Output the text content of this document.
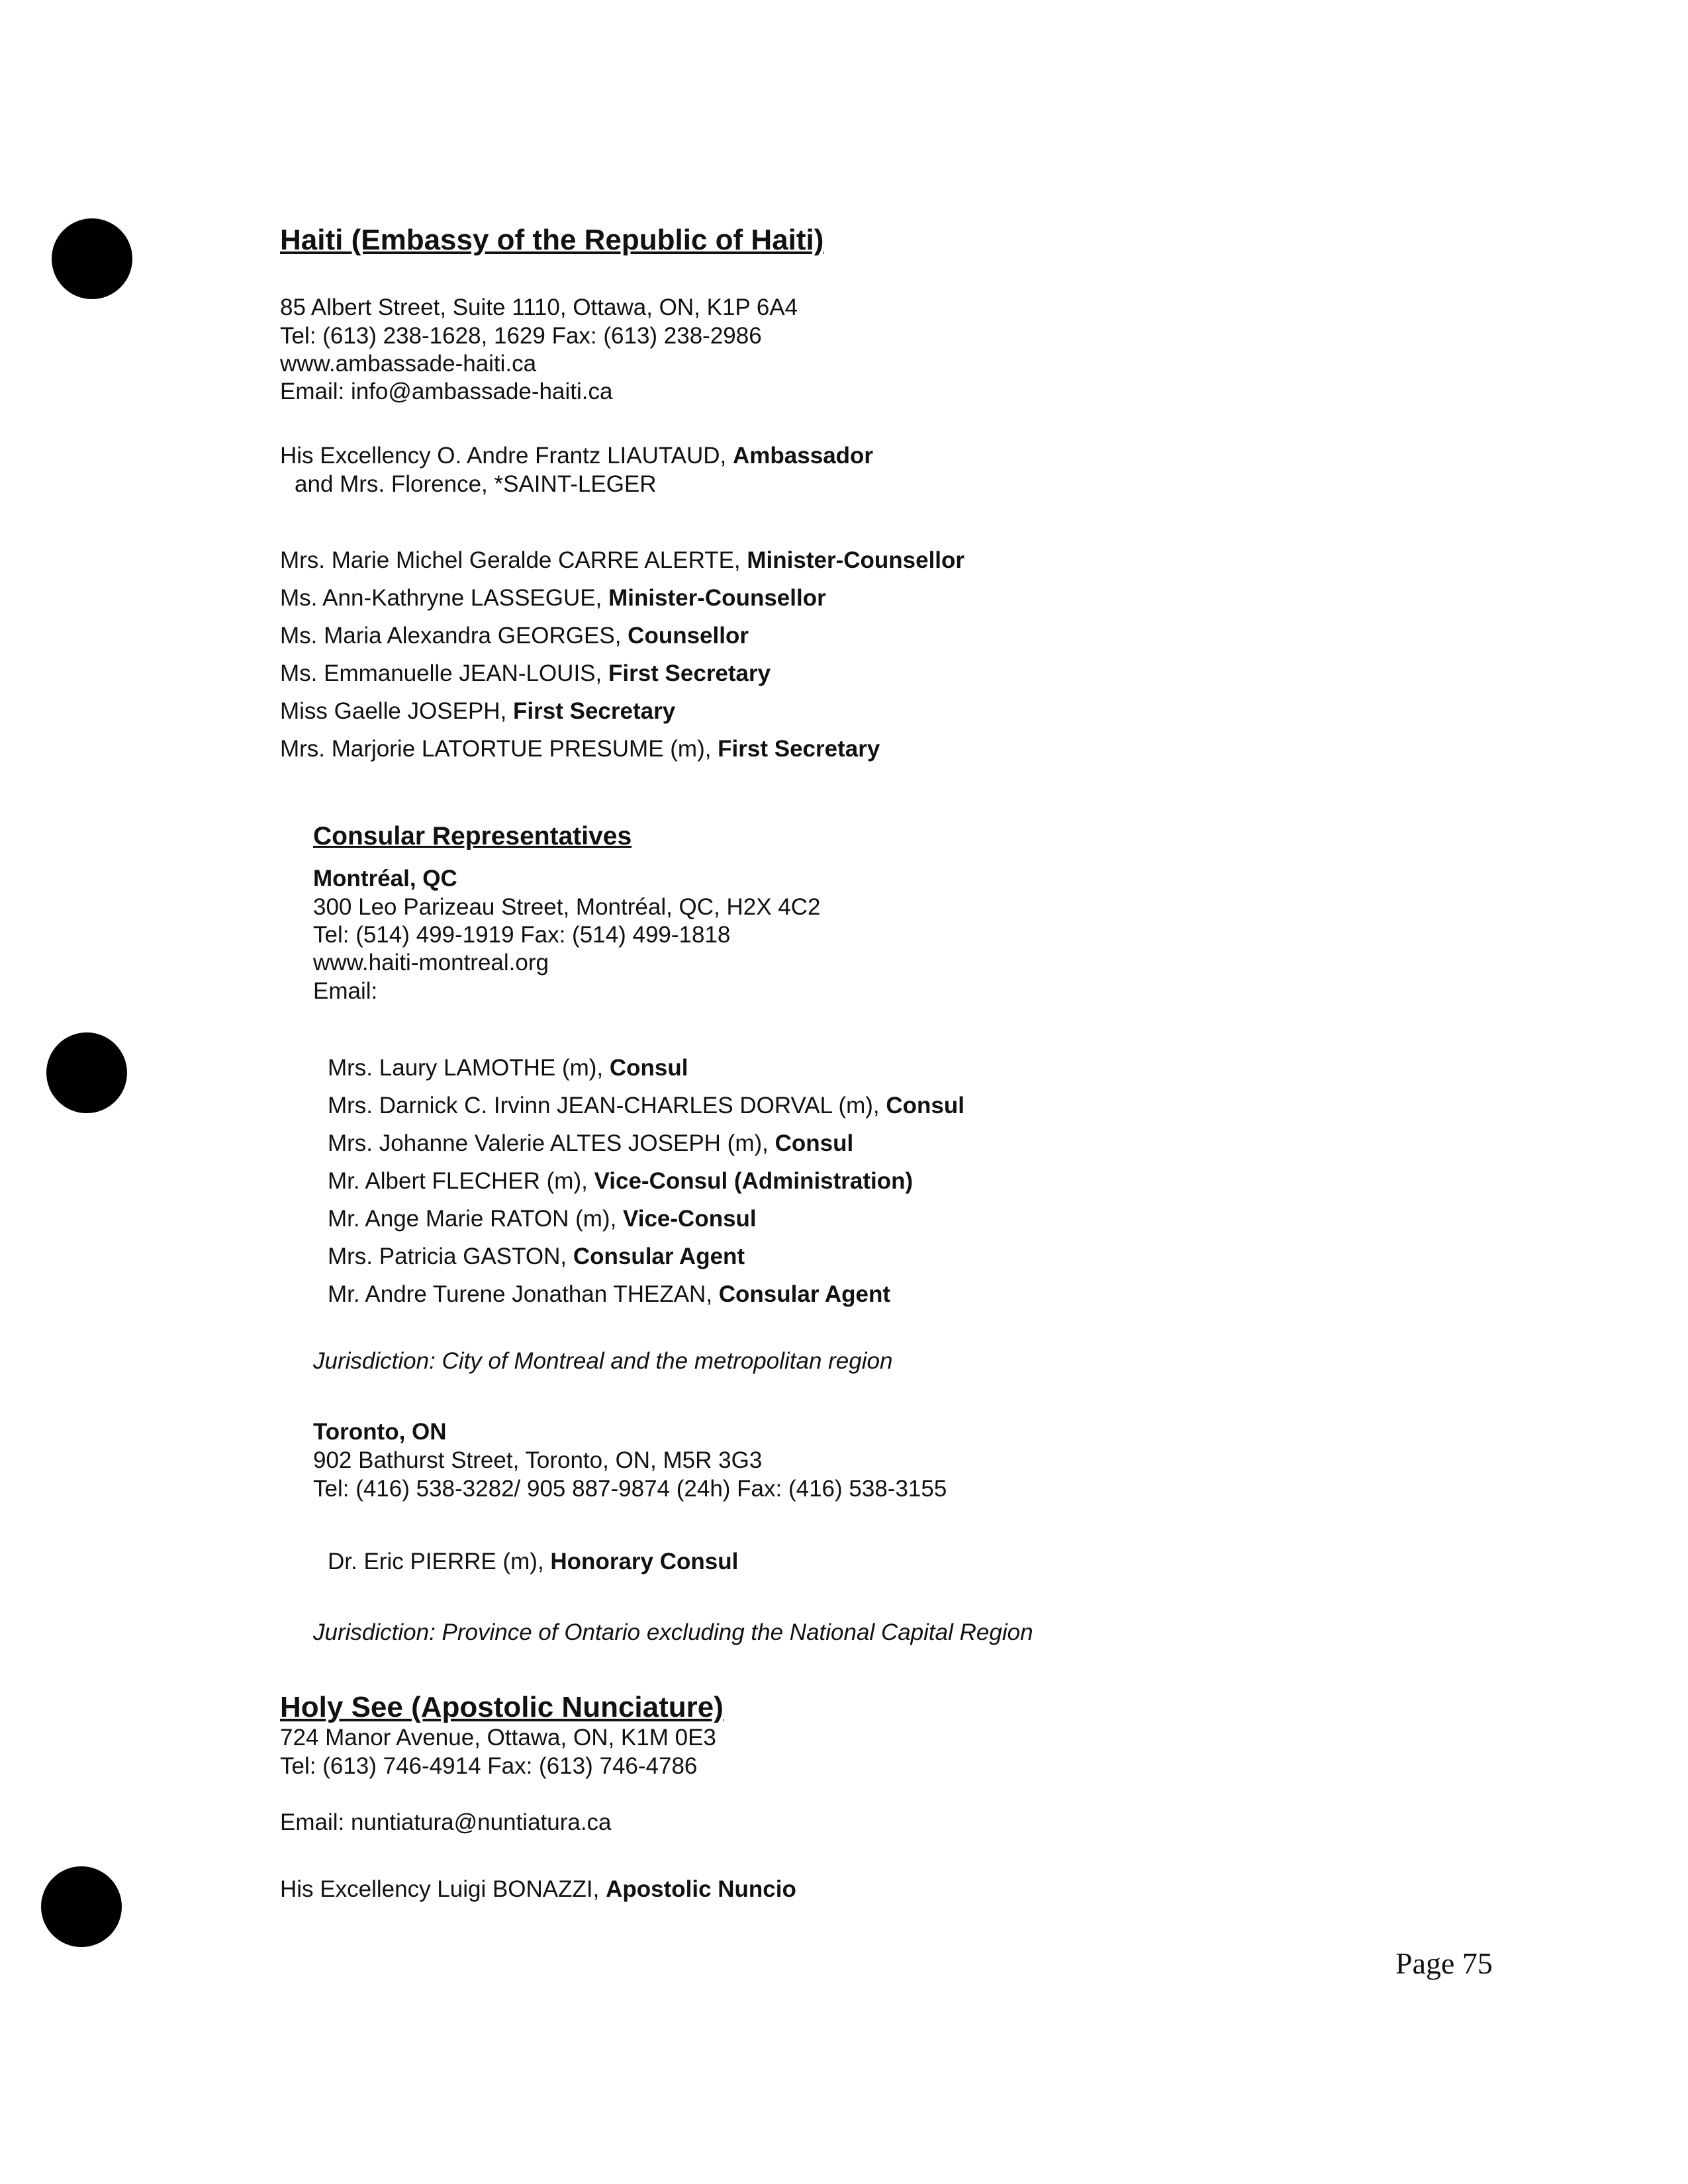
Haiti (Embassy of the Republic of Haiti)
85 Albert Street, Suite 1110, Ottawa, ON, K1P 6A4
Tel: (613) 238-1628, 1629 Fax: (613) 238-2986
www.ambassade-haiti.ca
Email: info@ambassade-haiti.ca
His Excellency O. Andre Frantz LIAUTAUD, Ambassador
and Mrs. Florence, *SAINT-LEGER
Mrs. Marie Michel Geralde CARRE ALERTE, Minister-Counsellor
Ms. Ann-Kathryne LASSEGUE, Minister-Counsellor
Ms. Maria Alexandra GEORGES, Counsellor
Ms. Emmanuelle JEAN-LOUIS, First Secretary
Miss Gaelle JOSEPH, First Secretary
Mrs. Marjorie LATORTUE PRESUME (m), First Secretary
Consular Representatives
Montréal, QC
300 Leo Parizeau Street, Montréal, QC, H2X 4C2
Tel: (514) 499-1919 Fax: (514) 499-1818
www.haiti-montreal.org
Email:
Mrs. Laury LAMOTHE (m), Consul
Mrs. Darnick C. Irvinn JEAN-CHARLES DORVAL (m), Consul
Mrs. Johanne Valerie ALTES JOSEPH (m), Consul
Mr. Albert FLECHER (m), Vice-Consul (Administration)
Mr. Ange Marie RATON (m), Vice-Consul
Mrs. Patricia GASTON, Consular Agent
Mr. Andre Turene Jonathan THEZAN, Consular Agent
Jurisdiction: City of Montreal and the metropolitan region
Toronto, ON
902 Bathurst Street, Toronto, ON, M5R 3G3
Tel: (416) 538-3282/ 905 887-9874 (24h) Fax: (416) 538-3155
Dr. Eric PIERRE (m), Honorary Consul
Jurisdiction: Province of Ontario excluding the National Capital Region
Holy See (Apostolic Nunciature)
724 Manor Avenue, Ottawa, ON, K1M 0E3
Tel: (613) 746-4914 Fax: (613) 746-4786
Email: nuntiatura@nuntiatura.ca
His Excellency Luigi BONAZZI, Apostolic Nuncio
Page 75
